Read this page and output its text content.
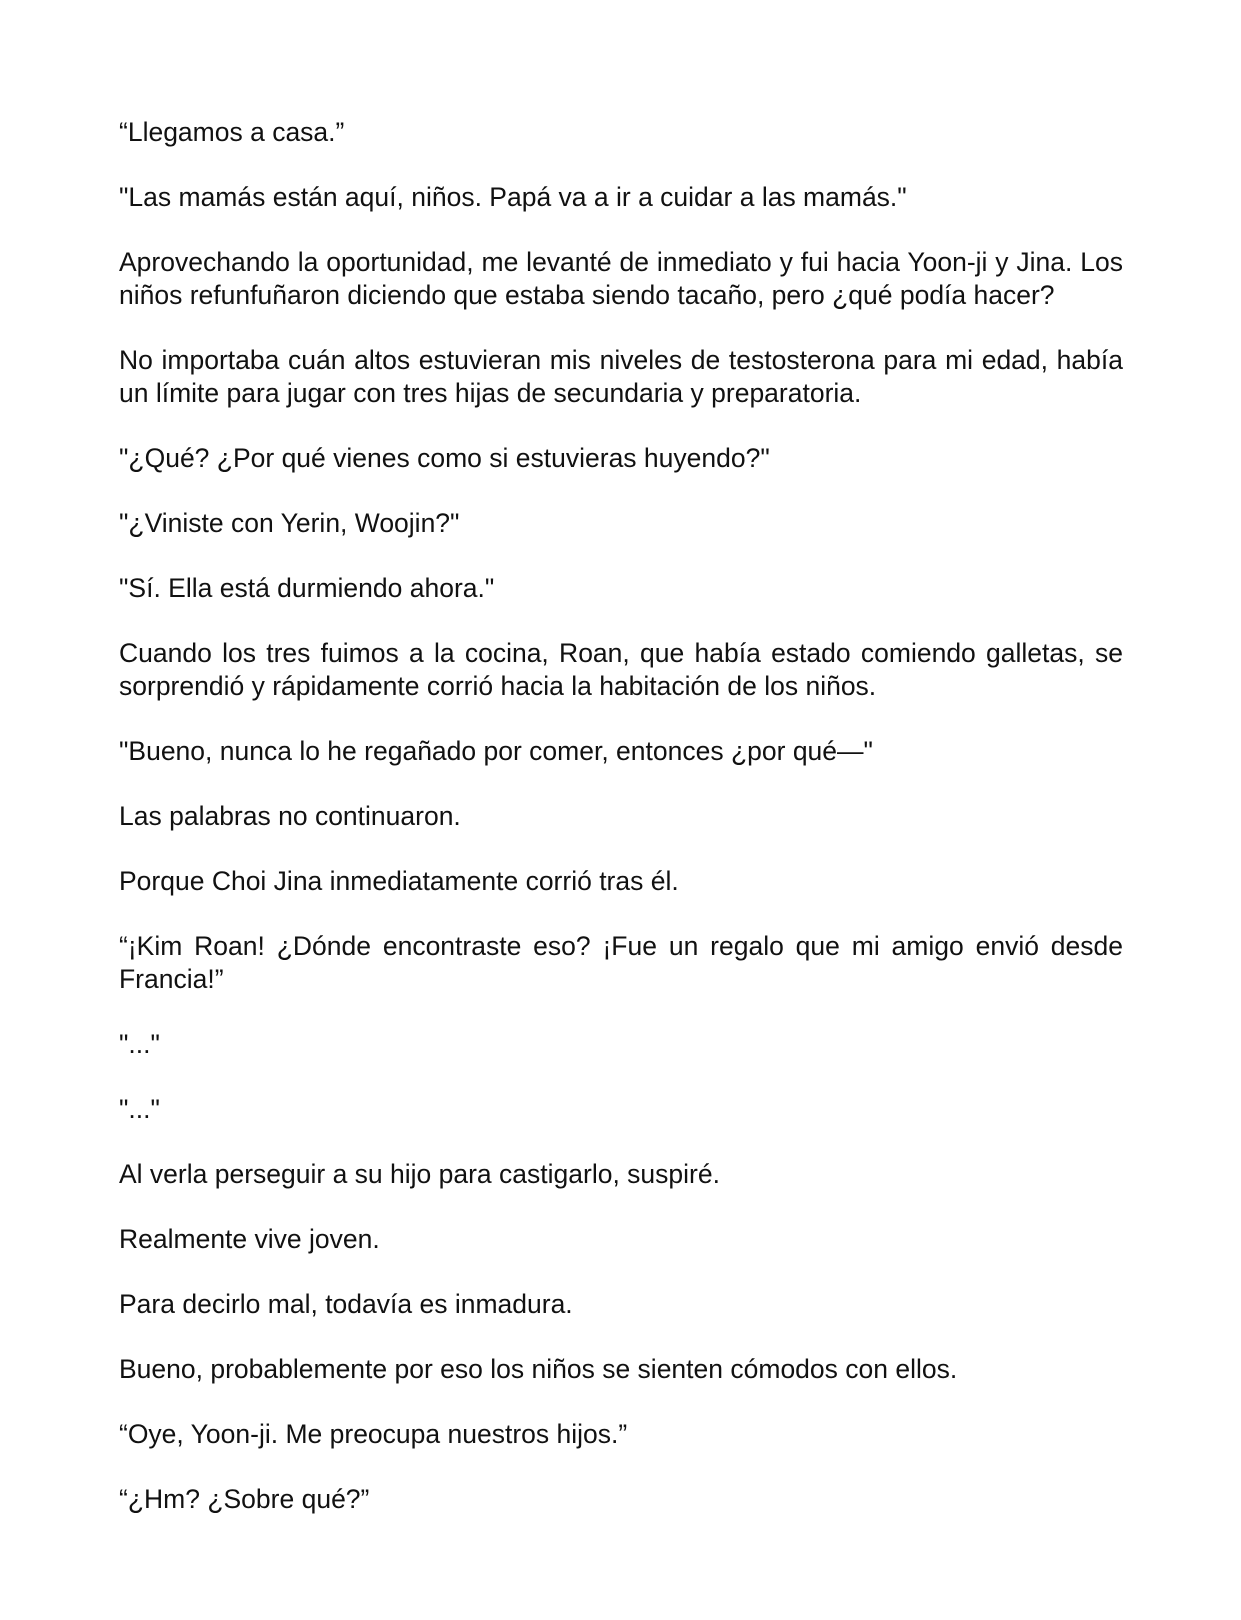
“Llegamos a casa.”

"Las mamás están aquí, niños. Papá va a ir a cuidar a las mamás."

Aprovechando la oportunidad, me levanté de inmediato y fui hacia Yoon-ji y Jina. Los niños refunfuñaron diciendo que estaba siendo tacaño, pero ¿qué podía hacer?

No importaba cuán altos estuvieran mis niveles de testosterona para mi edad, había un límite para jugar con tres hijas de secundaria y preparatoria.

"¿Qué? ¿Por qué vienes como si estuvieras huyendo?"

"¿Viniste con Yerin, Woojin?"

"Sí. Ella está durmiendo ahora."

Cuando los tres fuimos a la cocina, Roan, que había estado comiendo galletas, se sorprendió y rápidamente corrió hacia la habitación de los niños.

"Bueno, nunca lo he regañado por comer, entonces ¿por qué—"

Las palabras no continuaron.

Porque Choi Jina inmediatamente corrió tras él.

“¡Kim Roan! ¿Dónde encontraste eso? ¡Fue un regalo que mi amigo envió desde Francia!”

"..."

"..."

Al verla perseguir a su hijo para castigarlo, suspiré.

Realmente vive joven.

Para decirlo mal, todavía es inmadura.

Bueno, probablemente por eso los niños se sienten cómodos con ellos.

“Oye, Yoon-ji. Me preocupa nuestros hijos.”

“¿Hm? ¿Sobre qué?”
